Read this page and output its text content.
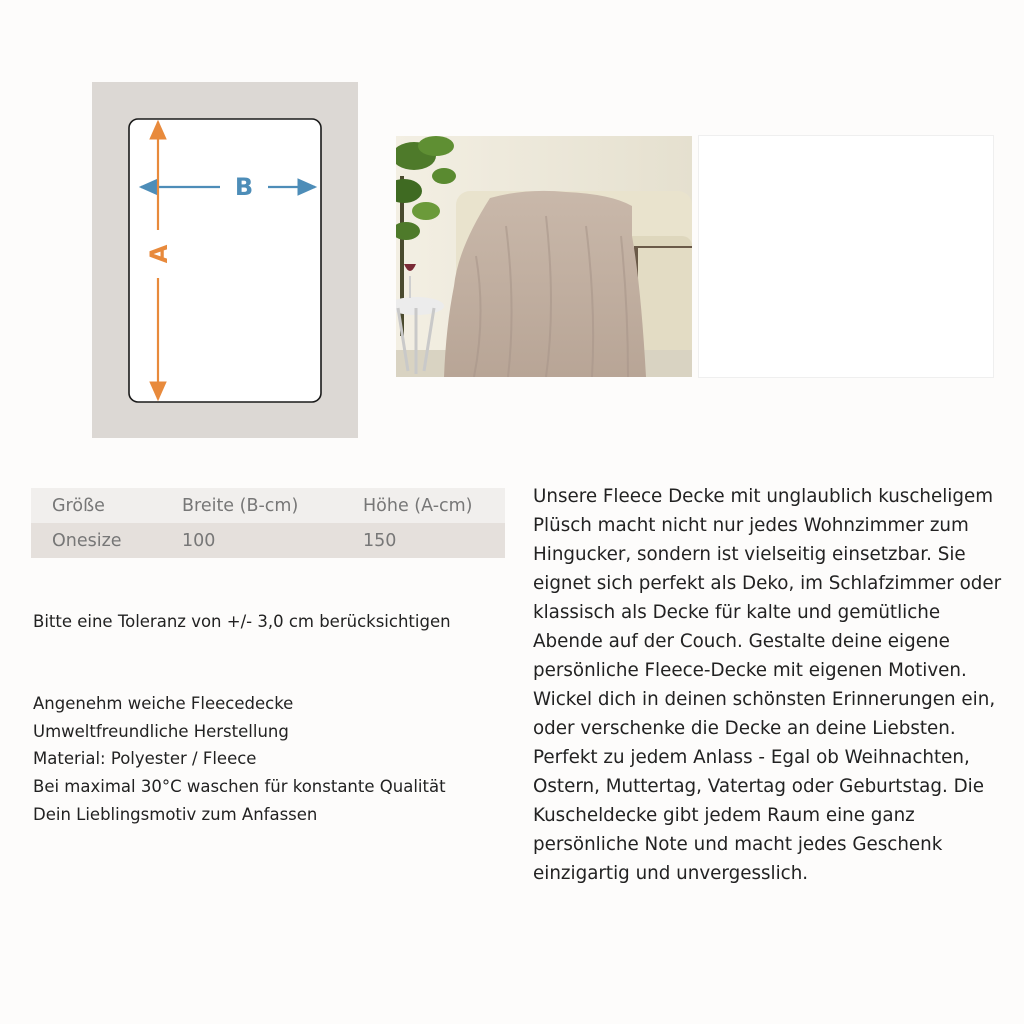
B
A
Größe	Breite (B-cm)	Höhe (A-cm)
Onesize	100	150
Bitte eine Toleranz von +/- 3,0 cm berücksichtigen
Angenehm weiche Fleecedecke
Umweltfreundliche Herstellung
Material: Polyester / Fleece
Bei maximal 30°C waschen für konstante Qualität
Dein Lieblingsmotiv zum Anfassen

Unsere Fleece Decke mit unglaublich kuscheligem Plüsch macht nicht nur jedes Wohnzimmer zum Hingucker, sondern ist vielseitig einsetzbar. Sie eignet sich perfekt als Deko, im Schlafzimmer oder klassisch als Decke für kalte und gemütliche Abende auf der Couch. Gestalte deine eigene persönliche Fleece-Decke mit eigenen Motiven. Wickel dich in deinen schönsten Erinnerungen ein, oder verschenke die Decke an deine Liebsten. Perfekt zu jedem Anlass - Egal ob Weihnachten, Ostern, Muttertag, Vatertag oder Geburtstag. Die Kuscheldecke gibt jedem Raum eine ganz persönliche Note und macht jedes Geschenk einzigartig und unvergesslich.
